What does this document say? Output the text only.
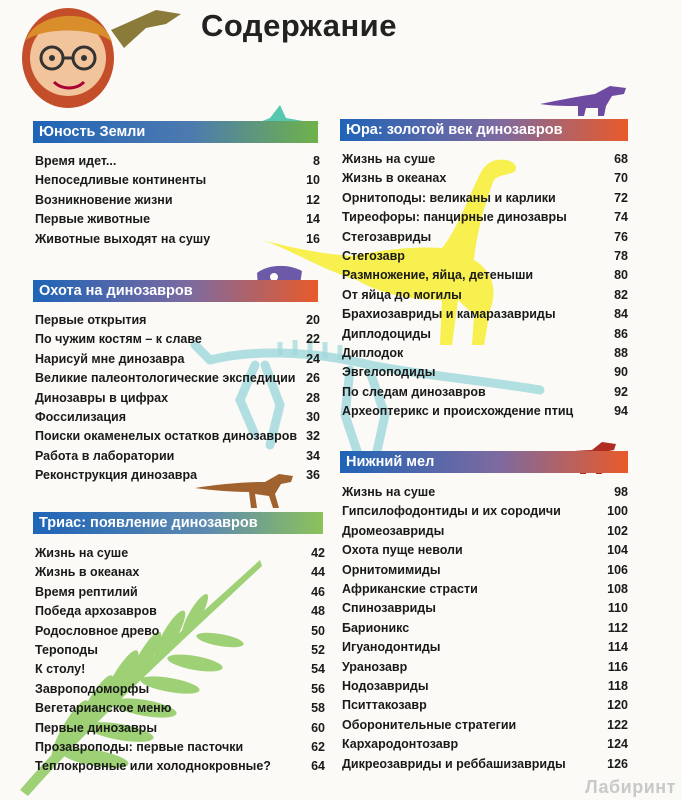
Содержание
Юность Земли
Время идет...	8
Непоседливые континенты	10
Возникновение жизни	12
Первые животные	14
Животные выходят на сушу	16
Охота на динозавров
Первые открытия	20
По чужим костям – к славе	22
Нарисуй мне динозавра	24
Великие палеонтологические экспедиции 26
Динозавры в цифрах	28
Фоссилизация	30
Поиски окаменелых остатков динозавров 32
Работа в лаборатории	34
Реконструкция динозавра	36
Триас: появление динозавров
Жизнь на суше	42
Жизнь в океанах	44
Время рептилий	46
Победа архозавров	48
Родословное древо	50
Тероподы	52
К столу!	54
Завроподоморфы	56
Вегетарианское меню	58
Первые динозавры	60
Прозавроподы: первые пасточки	62
Теплокровные или холоднокровные?	64
Юра: золотой век динозавров
Жизнь на суше	68
Жизнь в океанах	70
Орнитоподы: великаны и карлики	72
Тиреофоры: панцирные динозавры	74
Стегозавриды	76
Стегозавр	78
Размножение, яйца, детеныши	80
От яйца до могилы	82
Брахиозавриды и камаразавриды	84
Диплодоциды	86
Диплодок	88
Эвгелоподиды	90
По следам динозавров	92
Археоптерикс и происхождение птиц	94
Нижний мел
Жизнь на суше	98
Гипсилофодонтиды и их сородичи	100
Дромеозавриды	102
Охота пуще неволи	104
Орнитомимиды	106
Африканские страсти	108
Спинозавриды	110
Барионикс	112
Игуанодонтиды	114
Уранозавр	116
Нодозавриды	118
Пситтакозавр	120
Оборонительные стратегии	122
Кархародонтозавр	124
Дикреозавриды и реббашизавриды	126
Лабиринт
